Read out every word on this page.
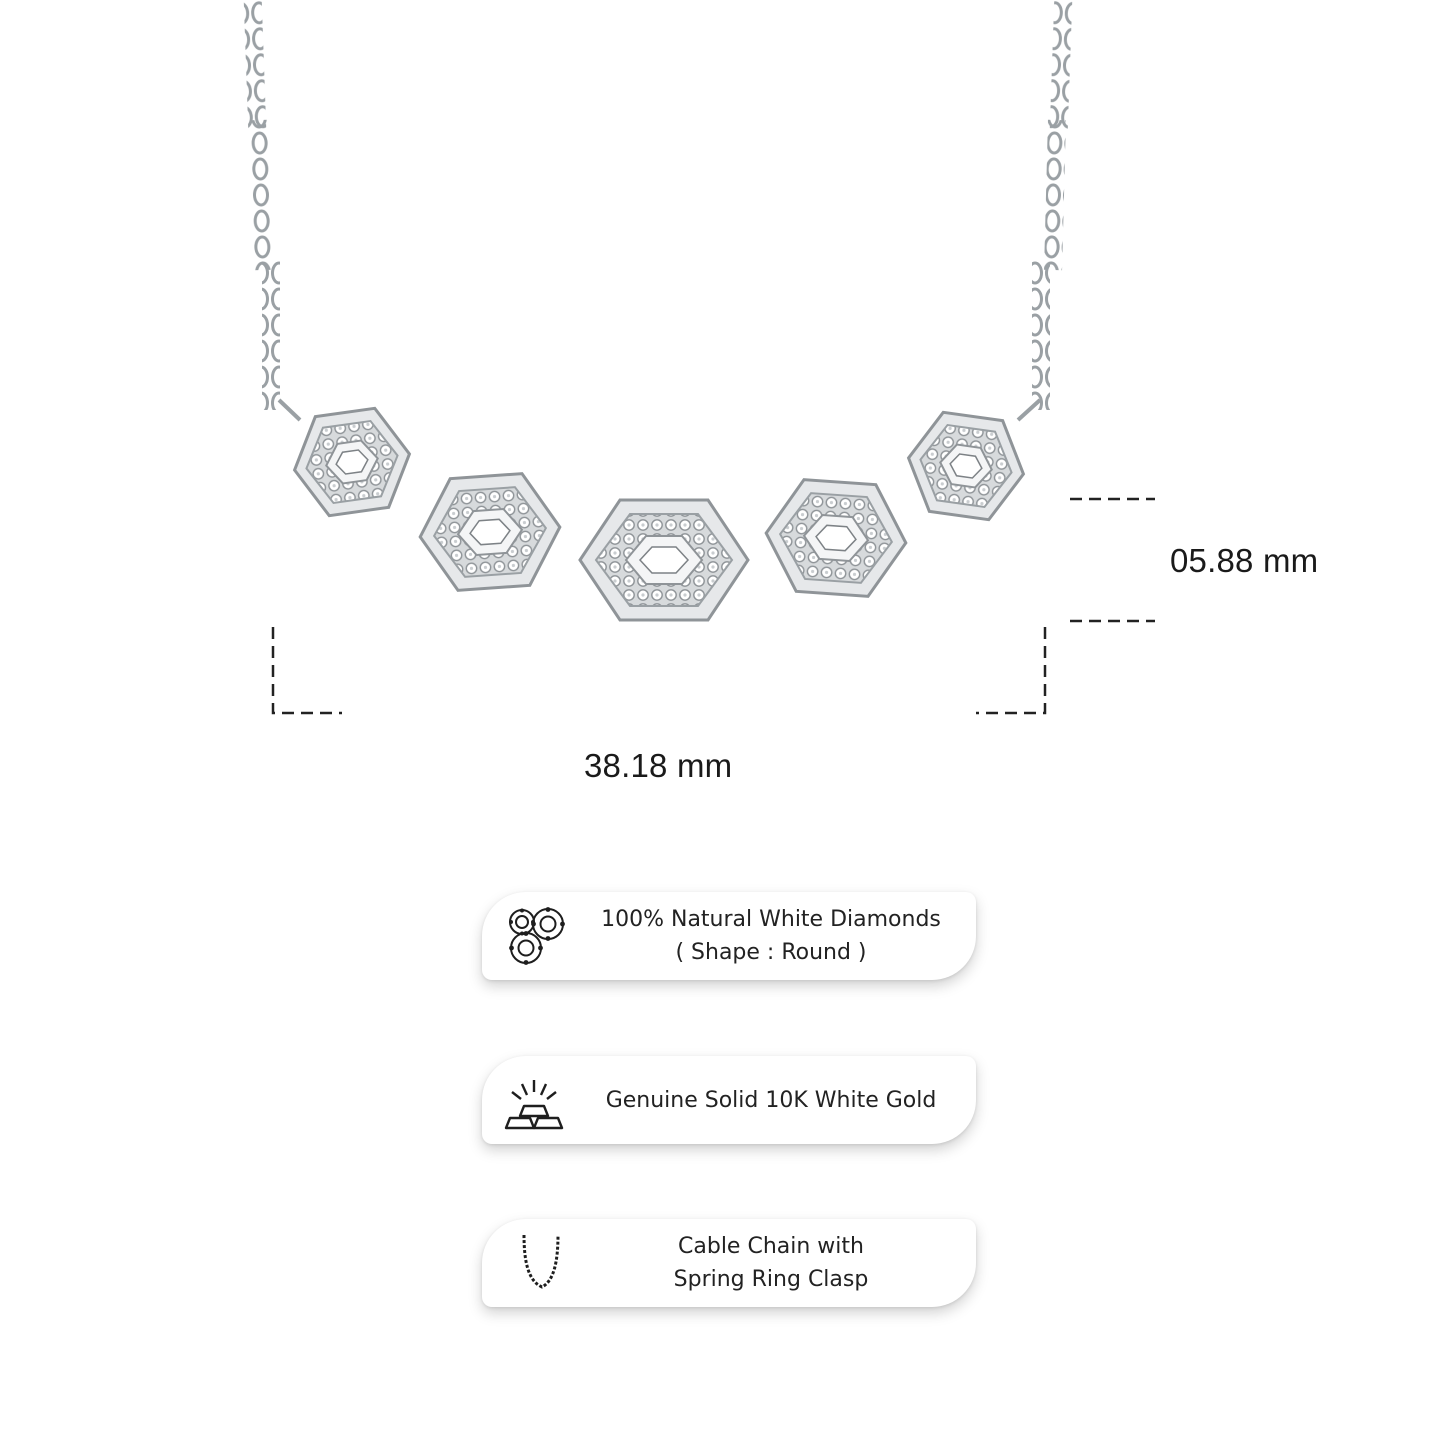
05.88 mm
38.18 mm
100% Natural White Diamonds
( Shape : Round )
Genuine Solid 10K White Gold
Cable Chain with
Spring Ring Clasp
